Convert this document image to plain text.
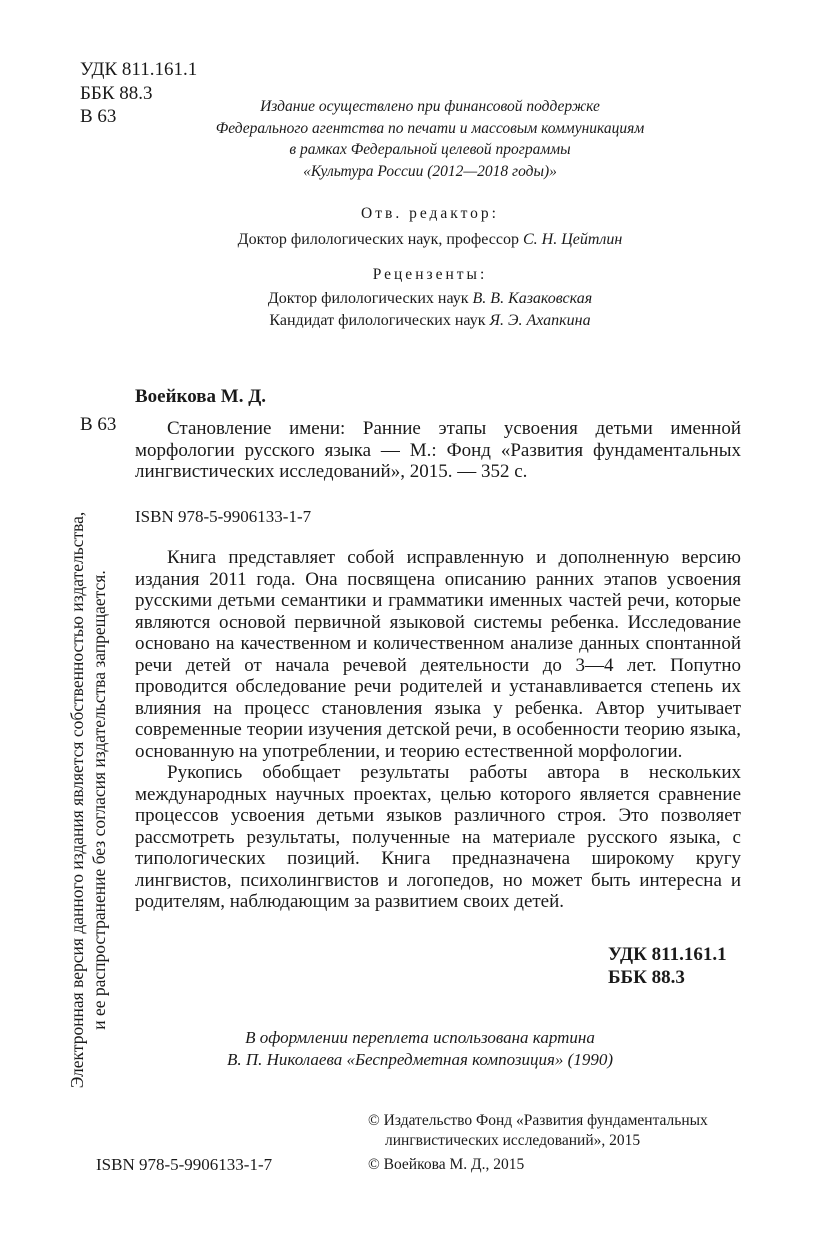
УДК 811.161.1
ББК 88.3
В 63	Издание осуществлено при финансовой поддержке
Федерального агентства по печати и массовым коммуникациям
в рамках Федеральной целевой программы
«Культура России (2012—2018 годы)»
Отв. редактор:
Доктор филологических наук, профессор С. Н. Цейтлин
Рецензенты:
Доктор филологических наук В. В. Казаковская
Кандидат филологических наук Я. Э. Ахапкина
Воейкова М. Д.
В 63	Становление имени: Ранние этапы усвоения детьми именной морфологии русского языка — М.: Фонд «Развития фундаментальных лингвистических исследований», 2015. — 352 с.
ISBN 978-5-9906133-1-7

Книга представляет собой исправленную и дополненную версию издания 2011 года. Она посвящена описанию ранних этапов усвоения русскими детьми семантики и грамматики именных частей речи, которые являются основой первичной языковой системы ребенка. Исследование основано на качественном и количественном анализе данных спонтанной речи детей от начала речевой деятельности до 3—4 лет. Попутно проводится обследование речи родителей и устанавливается степень их влияния на процесс становления языка у ребенка. Автор учитывает современные теории изучения детской речи, в особенности теорию языка, основанную на употреблении, и теорию естественной морфологии.

Рукопись обобщает результаты работы автора в нескольких международных научных проектах, целью которого является сравнение процессов усвоения детьми языков различного строя. Это позволяет рассмотреть результаты, полученные на материале русского языка, с типологических позиций. Книга предназначена широкому кругу лингвистов, психолингвистов и логопедов, но может быть интересна и родителям, наблюдающим за развитием своих детей.

УДК 811.161.1
ББК 88.3
В оформлении переплета использована картина
В. П. Николаева «Беспредметная композиция» (1990)
© Издательство Фонд «Развития фундаментальных
лингвистических исследований», 2015
© Воейкова М. Д., 2015
ISBN 978-5-9906133-1-7
Электронная версия данного издания является собственностью издательства, и ее распространение без согласия издательства запрещается.
